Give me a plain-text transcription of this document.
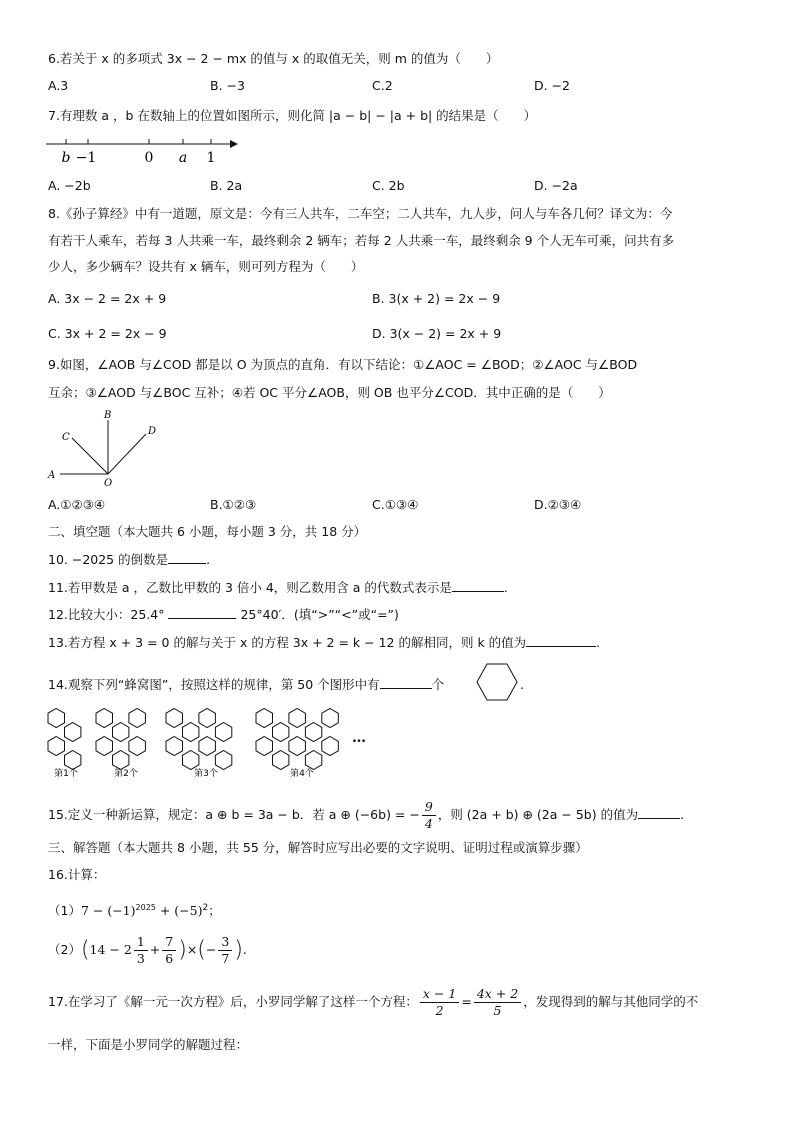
6.若关于 x 的多项式 3x − 2 − mx 的值与 x 的取值无关，则 m 的值为（　　）
A.3	B. −3	C.2	D. −2
7.有理数 a ，b 在数轴上的位置如图所示，则化简 |a − b| − |a + b| 的结果是（　　）
b −1	0 a 1
A. −2b	B. 2a	C. 2b	D. −2a
8.《孙子算经》中有一道题，原文是：今有三人共车，二车空；二人共车，九人步，问人与车各几何？译文为：今
有若干人乘车，若每 3 人共乘一车，最终剩余 2 辆车；若每 2 人共乘一车，最终剩余 9 个人无车可乘，问共有多
少人，多少辆车？设共有 x 辆车，则可列方程为（　　）
A. 3x − 2 = 2x + 9	B. 3(x + 2) = 2x − 9
C. 3x + 2 = 2x − 9	D. 3(x − 2) = 2x + 9
9.如图，∠AOB 与∠COD 都是以 O 为顶点的直角．有以下结论：①∠AOC = ∠BOD；②∠AOC 与∠BOD
互余；③∠AOD 与∠BOC 互补；④若 OC 平分∠AOB，则 OB 也平分∠COD．其中正确的是（　　）
B
C
D
A
O
A.①②③④	B.①②③	C.①③④	D.②③④
二、填空题（本大题共 6 小题，每小题 3 分，共 18 分）
10. −2025 的倒数是	.
11.若甲数是 a ，乙数比甲数的 3 倍小 4，则乙数用含 a 的代数式表示是	.
12.比较大小：25.4°	25°40′．(填“>”“<”或“=”)
13.若方程 x + 3 = 0 的解与关于 x 的方程 3x + 2 = k − 12 的解相同，则 k 的值为	.
14.观察下列“蜂窝图”，按照这样的规律，第 50 个图形中有	个	.
…
第1个	第2个	第3个	第4个
15.定义一种新运算，规定：a ⊕ b = 3a − b．若 a ⊕ (−6b) = − $\frac{9}{4}$ ，则 (2a + b) ⊕ (2a − 5b) 的值为	.
三、解答题（本大题共 8 小题，共 55 分，解答时应写出必要的文字说明、证明过程或演算步骤）
16.计算：
$(1)7 - (-1)^{2025} + (-5)^2$；
$(2)(14 - 2 \frac{1}{3} + \frac{7}{6}$ )×(− $\frac{3}{7}$ ).
17.在学习了《解一元一次方程》后，小罗同学解了这样一个方程： $\frac{x - 1}{2} = \frac{4x + 2}{5}$ ，发现得到的解与其他同学的不
一样，下面是小罗同学的解题过程：
